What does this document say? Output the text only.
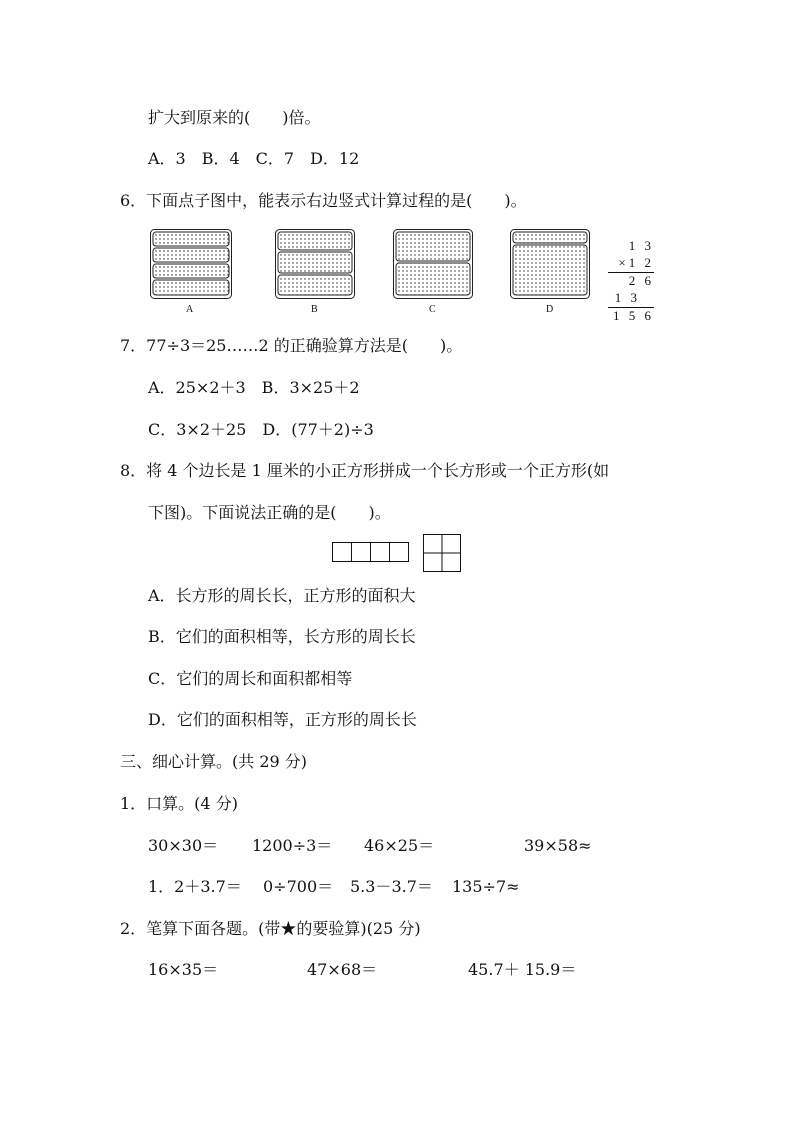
扩大到原来的(　　)倍。
A．3　B．4　C．7　D．12
6．下面点子图中，能表示右边竖式计算过程的是(　　)。
A	B	C	D
1 3
×1 2
2 6
1 3
1 5 6
7．77÷3＝25……2 的正确验算方法是(　　)。
A．25×2＋3　B．3×25＋2
C．3×2＋25　D．(77＋2)÷3
8．将 4 个边长是 1 厘米的小正方形拼成一个长方形或一个正方形(如
下图)。下面说法正确的是(　　)。
A．长方形的周长长，正方形的面积大
B．它们的面积相等，长方形的周长长
C．它们的周长和面积都相等
D．它们的面积相等，正方形的周长长
三、细心计算。(共 29 分)
1．口算。(4 分)
30×30＝ 1200÷3＝ 46×25＝	39×58≈
1．2＋3.7＝ 0÷700＝ 5.3－3.7＝ 135÷7≈
2．笔算下面各题。(带★的要验算)(25 分)
16×35＝	47×68＝	45.7＋ 15.9＝
